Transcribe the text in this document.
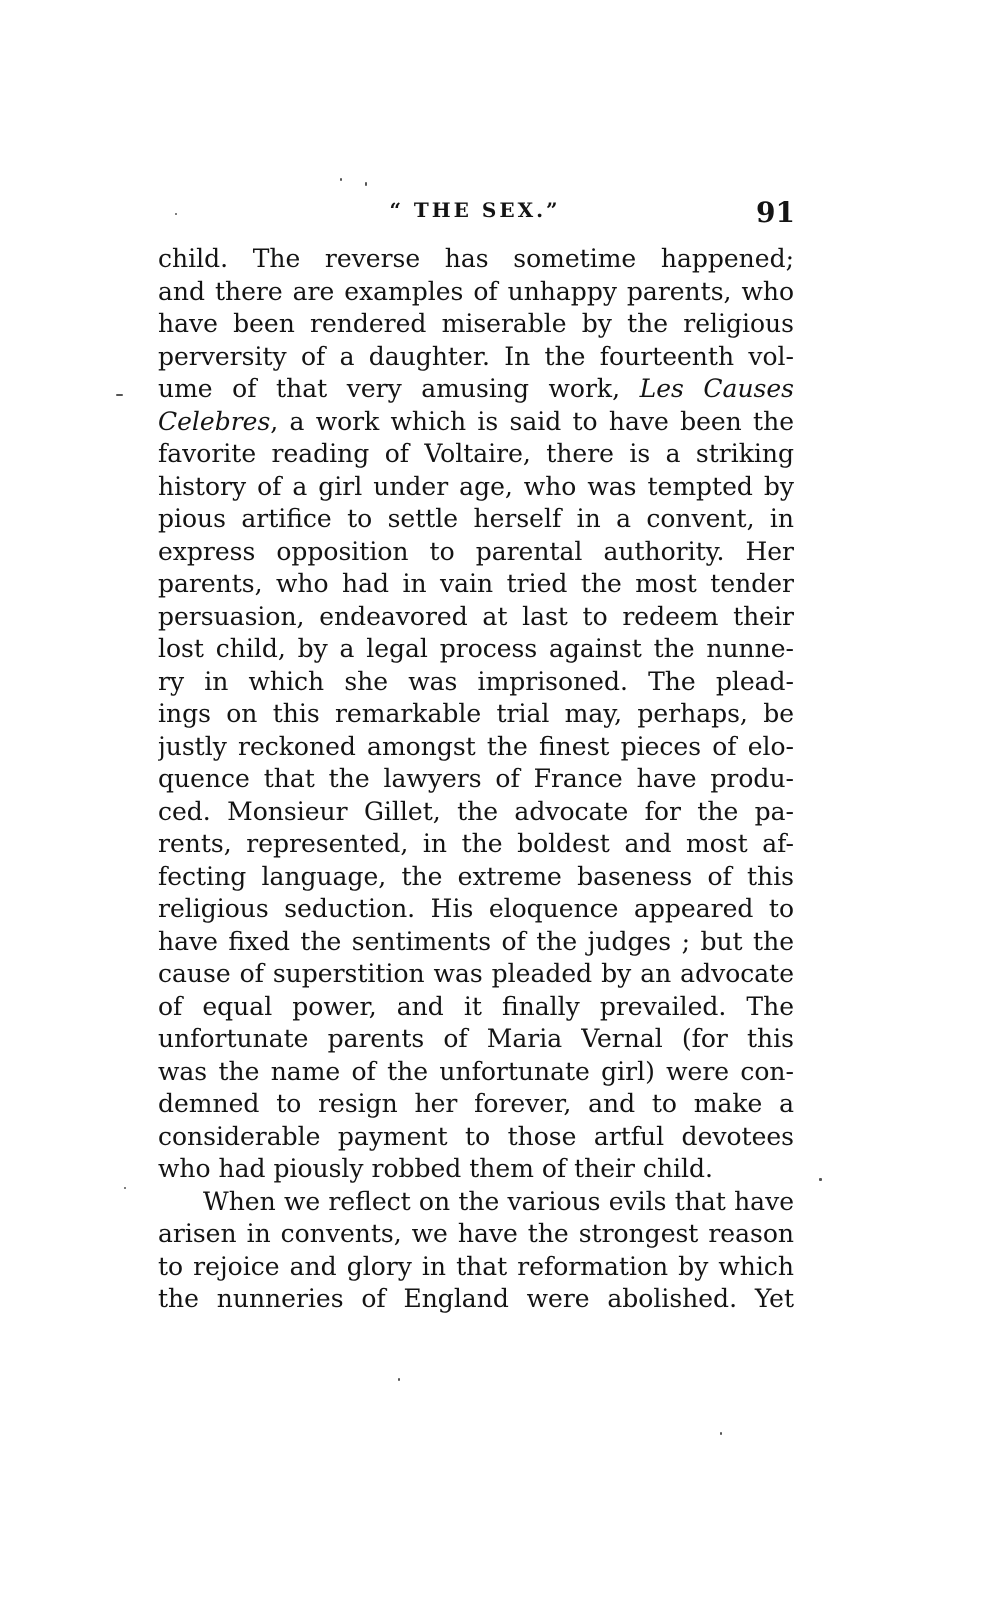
“ THE SEX.”	91
child. The reverse has sometime happened;
and there are examples of unhappy parents, who
have been rendered miserable by the religious
perversity of a daughter. In the fourteenth vol-
ume of that very amusing work, Les Causes
Celebres, a work which is said to have been the
favorite reading of Voltaire, there is a striking
history of a girl under age, who was tempted by
pious artifice to settle herself in a convent, in
express opposition to parental authority. Her
parents, who had in vain tried the most tender
persuasion, endeavored at last to redeem their
lost child, by a legal process against the nunne-
ry in which she was imprisoned. The plead-
ings on this remarkable trial may, perhaps, be
justly reckoned amongst the finest pieces of elo-
quence that the lawyers of France have produ-
ced. Monsieur Gillet, the advocate for the pa-
rents, represented, in the boldest and most af-
fecting language, the extreme baseness of this
religious seduction. His eloquence appeared to
have fixed the sentiments of the judges ; but the
cause of superstition was pleaded by an advocate
of equal power, and it finally prevailed. The
unfortunate parents of Maria Vernal (for this
was the name of the unfortunate girl) were con-
demned to resign her forever, and to make a
considerable payment to those artful devotees
who had piously robbed them of their child.
When we reflect on the various evils that have
arisen in convents, we have the strongest reason
to rejoice and glory in that reformation by which
the nunneries of England were abolished. Yet
